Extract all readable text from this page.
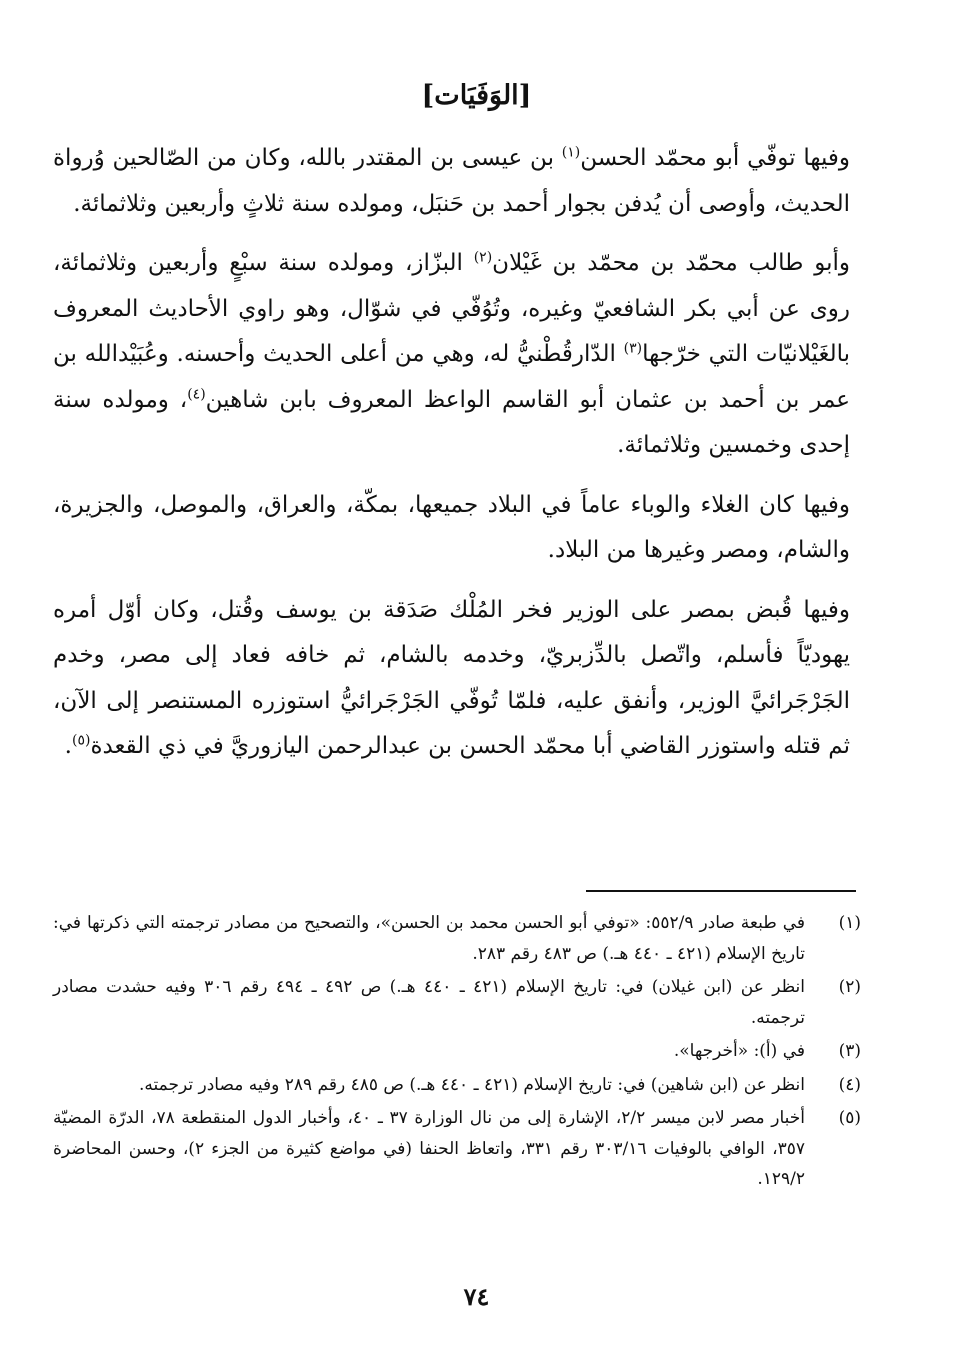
[الوَفَيَات]

وفيها توفّي أبو محمّد الحسن$^{(١)}$ بن عيسى بن المقتدر بالله، وكان من الصّالحين وُرواة الحديث، وأوصى أن يُدفن بجوار أحمد بن حَنبَل، ومولده سنة ثلاثٍ وأربعين وثلاثمائة.

وأبو طالب محمّد بن محمّد بن غَيْلان$^{(٢)}$ البزّاز، ومولده سنة سبْعٍ وأربعين وثلاثمائة، روى عن أبي بكر الشافعيّ وغيره، وتُوُفّي في شوّال، وهو راوي الأحاديث المعروف بالغَيْلانيّات التي خرّجها$^{(٣)}$ الدّارقُطْنيُّ له، وهي من أعلى الحديث وأحسنه. وعُبَيْدالله بن عمر بن أحمد بن عثمان أبو القاسم الواعظ المعروف بابن شاهين$^{(٤)}$، ومولده سنة إحدى وخمسين وثلاثمائة.

وفيها كان الغلاء والوباء عاماً في البلاد جميعها، بمكّة، والعراق، والموصل، والجزيرة، والشام، ومصر وغيرها من البلاد.

وفيها قُبض بمصر على الوزير فخر المُلْك صَدَقة بن يوسف وقُتل، وكان أوّل أمره يهوديّاً فأسلم، واتّصل بالدِّزبريّ، وخدمه بالشام، ثم خافه فعاد إلى مصر، وخدم الجَرْجَرائيَّ الوزير، وأنفق عليه، فلمّا تُوفّي الجَرْجَرائيُّ استوزره المستنصر إلى الآن، ثم قتله واستوزر القاضي أبا محمّد الحسن بن عبدالرحمن اليازوريَّ في ذي القعدة$^{(٥)}$.

(١)
في طبعة صادر ٥٥٢/٩: «توفي أبو الحسن محمد بن الحسن»، والتصحيح من مصادر ترجمته التي ذكرتها في: تاريخ الإسلام (٤٢١ ـ ٤٤٠ هـ.) ص ٤٨٣ رقم ٢٨٣.
(٢)
انظر عن (ابن غيلان) في: تاريخ الإسلام (٤٢١ ـ ٤٤٠ هـ.) ص ٤٩٢ ـ ٤٩٤ رقم ٣٠٦ وفيه حشدت مصادر ترجمته.
(٣)
في (أ): «أخرجها».
(٤)
انظر عن (ابن شاهين) في: تاريخ الإسلام (٤٢١ ـ ٤٤٠ هـ.) ص ٤٨٥ رقم ٢٨٩ وفيه مصادر ترجمته.
(٥)
أخبار مصر لابن ميسر ٢/٢، الإشارة إلى من نال الوزارة ٣٧ ـ ٤٠، وأخبار الدول المنقطعة ٧٨، الدرّة المضيّة ٣٥٧، الوافي بالوفيات ٣٠٣/١٦ رقم ٣٣١، واتعاظ الحنفا (في مواضع كثيرة من الجزء ٢)، وحسن المحاضرة ١٢٩/٢.
٧٤
